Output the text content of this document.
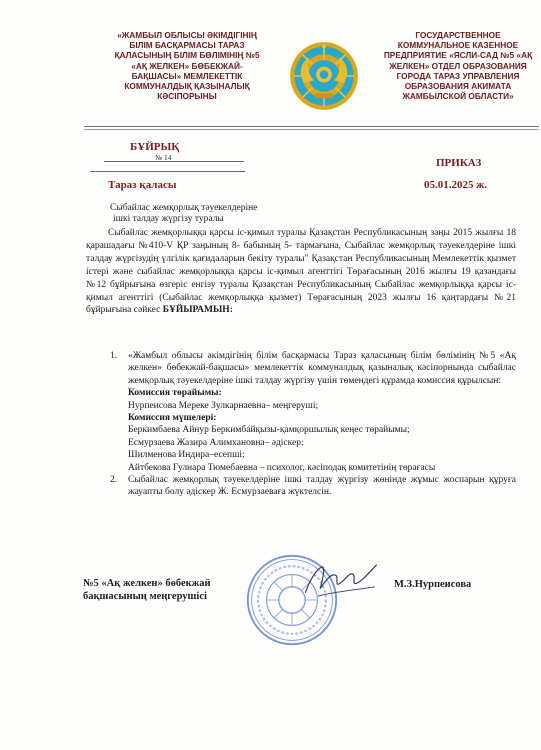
«ЖАМБЫЛ ОБЛЫСЫ ӘКІМДІГІНІҢ
БІЛІМ БАСҚАРМАСЫ ТАРАЗ
ҚАЛАСЫНЫҢ БІЛІМ БӨЛІМІНІҢ №5
«АҚ ЖЕЛКЕН» БӨБЕКЖАЙ-
БАҚШАСЫ» МЕМЛЕКЕТТІК
КОММУНАЛДЫҚ ҚАЗЫНАЛЫҚ
КӘСІПОРЫНЫ
ГОСУДАРСТВЕННОЕ
КОММУНАЛЬНОЕ КАЗЕННОЕ
ПРЕДПРИЯТИЕ «ЯСЛИ-САД №5 «АҚ
ЖЕЛКЕН» ОТДЕЛ ОБРАЗОВАНИЯ
ГОРОДА ТАРАЗ УПРАВЛЕНИЯ
ОБРАЗОВАНИЯ АКИМАТА
ЖАМБЫЛСКОЙ ОБЛАСТИ»
БҰЙРЫҚ
№ 14	ПРИКАЗ
Тараз қаласы	05.01.2025 ж.
Сыбайлас жемқорлық тәуекелдеріне
ішкі талдау жүргізу туралы

Сыбайлас жемқорлыққа қарсы іс-қимыл туралы Қазақстан Республикасының заңы 2015 жылғы 18 қарашадағы №410-V ҚР заңының 8- бабының 5- тармағына, Сыбайлас жемқорлық тәуекелдеріне ішкі талдау жүргізудің үлгілік қағидаларын бекіту туралы" Қазақстан Республикасының Мемлекеттік қызмет істері және сыбайлас жемқорлыққа қарсы іс-қимыл агенттігі Төрағасының 2016 жылғы 19 қазандағы №12 бұйрығына өзгеріс енгізу туралы Қазақстан Республикасының Сыбайлас жемқорлыққа қарсы іс-қимыл агенттігі (Сыбайлас жемқорлыққа қызмет) Төрағасының 2023 жылғы 16 қаңтардағы №21 бұйрығына сәйкес БҰЙЫРАМЫН:

1. «Жамбыл облысы әкімдігінің білім басқармасы Тараз қаласының білім бөлімінің №5 «Ақ желкен» бөбекжай-бақшасы» мемлекеттік коммуналдық қазыналық кәсіпорнында сыбайлас жемқорлық тәуекелдеріне ішкі талдау жүргізу үшін төмендегі құрамда комиссия құрылсын:
Комиссия төрайымы:
Нурпеисова Мереке Зулкарнаевна– меңгеруші;
Комиссия мүшелері:
Беркимбаева Айнур Беркимбайқызы-қамқоршылық кеңес төрайымы;
Есмурзаева Жазира Алимхановна– әдіскер;
Шилменова Индира–есепші;
Айтбекова Гулнара Тюмебаевна – психолог, кәсіподақ комитетінің төрағасы
2. Сыбайлас жемқорлық тәуекелдеріне ішкі талдау жүргізу жөнінде жұмыс жоспарын құруға жауапты болу әдіскер Ж. Есмурзаеваға жүктелсін.
№5 «Ақ желкен» бөбекжай
бақшасының меңгерушісі
М.З.Нурпеисова
